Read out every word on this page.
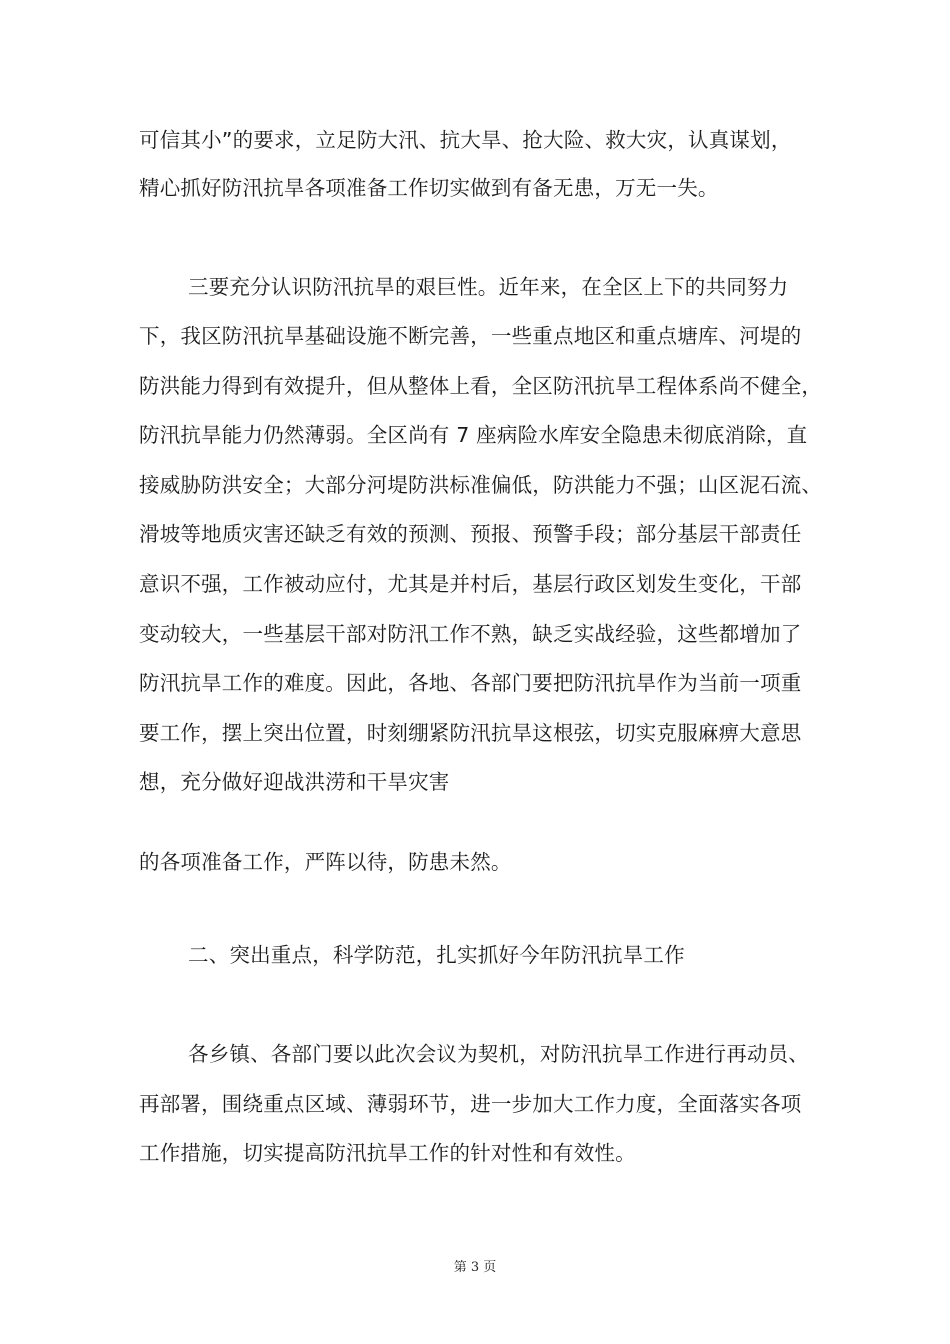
可信其小”的要求，立足防大汛、抗大旱、抢大险、救大灾，认真谋划，
精心抓好防汛抗旱各项准备工作切实做到有备无患，万无一失。
三要充分认识防汛抗旱的艰巨性。近年来，在全区上下的共同努力
下，我区防汛抗旱基础设施不断完善，一些重点地区和重点塘库、河堤的
防洪能力得到有效提升，但从整体上看，全区防汛抗旱工程体系尚不健全，
防汛抗旱能力仍然薄弱。全区尚有 7 座病险水库安全隐患未彻底消除，直
接威胁防洪安全；大部分河堤防洪标准偏低，防洪能力不强；山区泥石流、
滑坡等地质灾害还缺乏有效的预测、预报、预警手段；部分基层干部责任
意识不强，工作被动应付，尤其是并村后，基层行政区划发生变化，干部
变动较大，一些基层干部对防汛工作不熟，缺乏实战经验，这些都增加了
防汛抗旱工作的难度。因此，各地、各部门要把防汛抗旱作为当前一项重
要工作，摆上突出位置，时刻绷紧防汛抗旱这根弦，切实克服麻痹大意思
想，充分做好迎战洪涝和干旱灾害
的各项准备工作，严阵以待，防患未然。
二、突出重点，科学防范，扎实抓好今年防汛抗旱工作
各乡镇、各部门要以此次会议为契机，对防汛抗旱工作进行再动员、
再部署，围绕重点区域、薄弱环节，进一步加大工作力度，全面落实各项
工作措施，切实提高防汛抗旱工作的针对性和有效性。
第 3 页
